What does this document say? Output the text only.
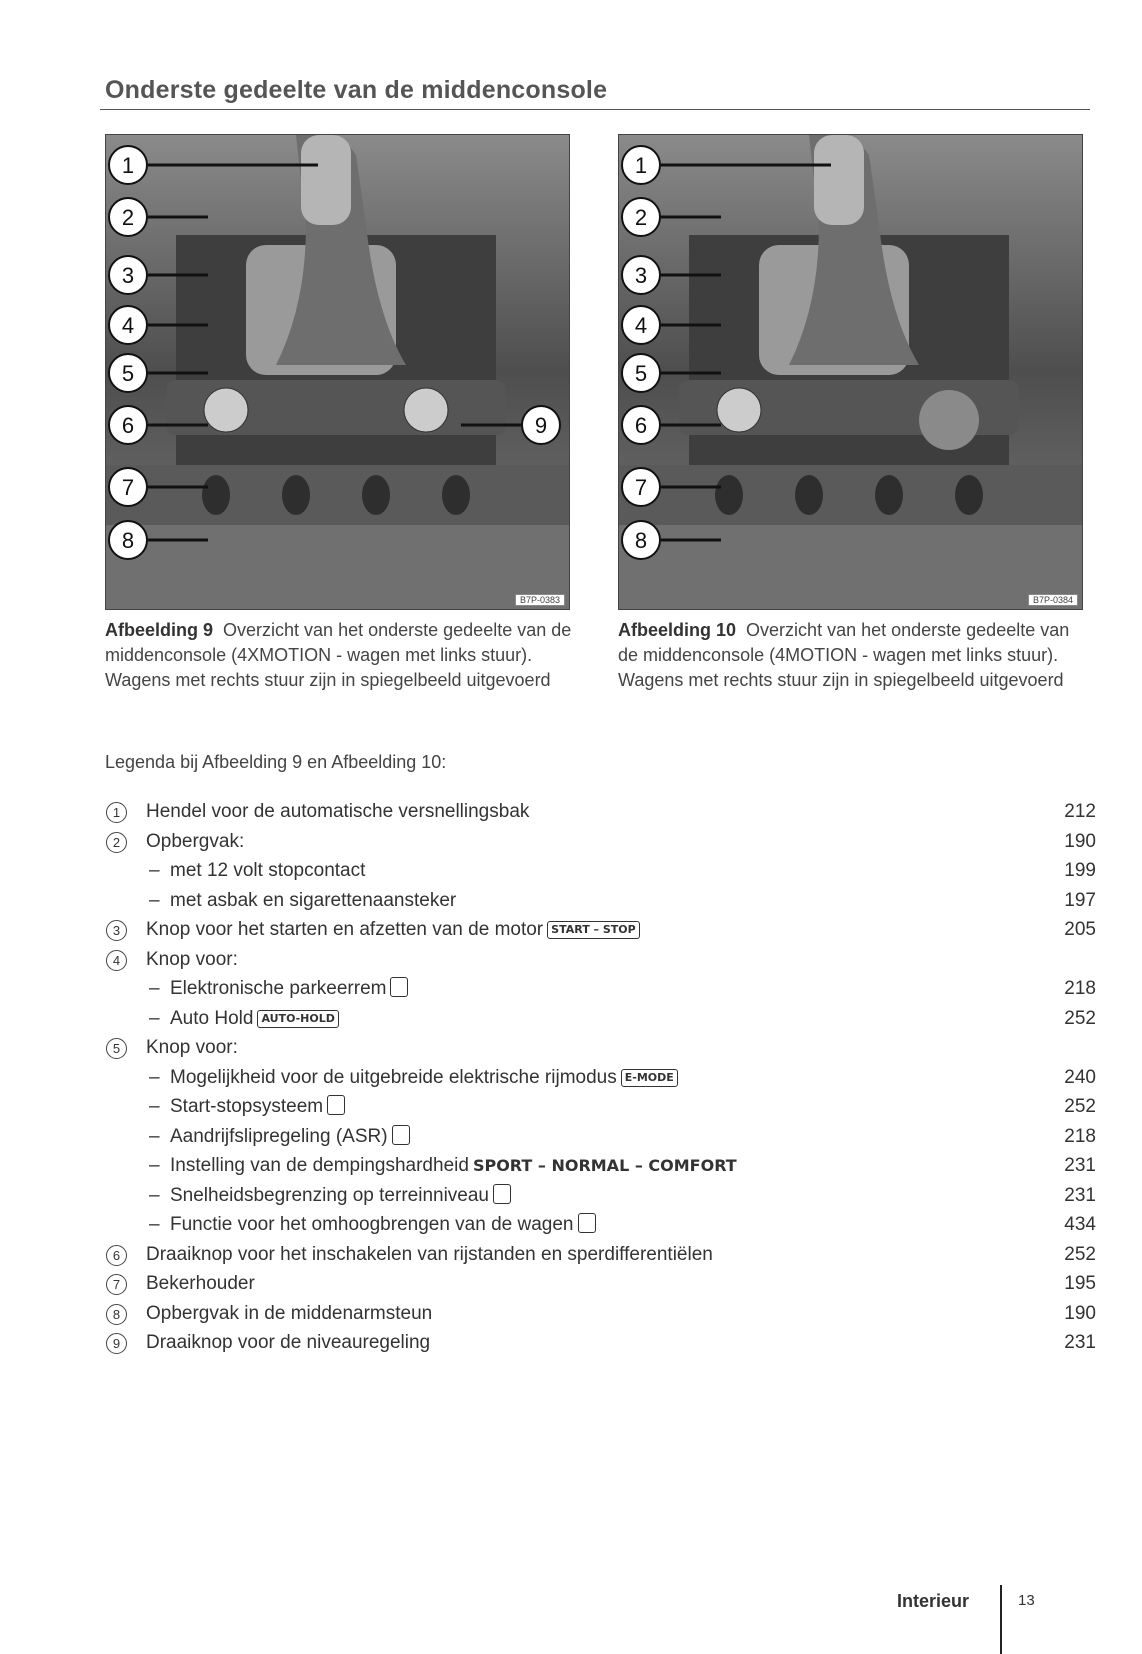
Onderste gedeelte van de middenconsole
1
2
3
4
5
6
7
8
9
B7P-0383
1
2
3
4
5
6
7
8
B7P-0384
Afbeelding 9 Overzicht van het onderste gedeelte van de middenconsole (4XMOTION - wagen met links stuur). Wagens met rechts stuur zijn in spiegelbeeld uitgevoerd
Afbeelding 10 Overzicht van het onderste gedeelte van de middenconsole (4MOTION - wagen met links stuur). Wagens met rechts stuur zijn in spiegelbeeld uitgevoerd
Legenda bij Afbeelding 9 en Afbeelding 10:
1	Hendel voor de automatische versnellingsbak	212
2	Opbergvak:	190
– met 12 volt stopcontact	199
– met asbak en sigarettenaansteker	197
3	Knop voor het starten en afzetten van de motor START – STOP	205
4	Knop voor:
– Elektronische parkeerrem	218
– Auto Hold AUTO-HOLD	252
5	Knop voor:
– Mogelijkheid voor de uitgebreide elektrische rijmodus E-MODE	240
– Start-stopsysteem	252
– Aandrijfslipregeling (ASR)	218
– Instelling van de dempingshardheid SPORT – NORMAL – COMFORT	231
– Snelheidsbegrenzing op terreinniveau	231
– Functie voor het omhoogbrengen van de wagen	434
6	Draaiknop voor het inschakelen van rijstanden en sperdifferentiëlen	252
7	Bekerhouder	195
8	Opbergvak in de middenarmsteun	190
9	Draaiknop voor de niveauregeling	231
Interieur	13
